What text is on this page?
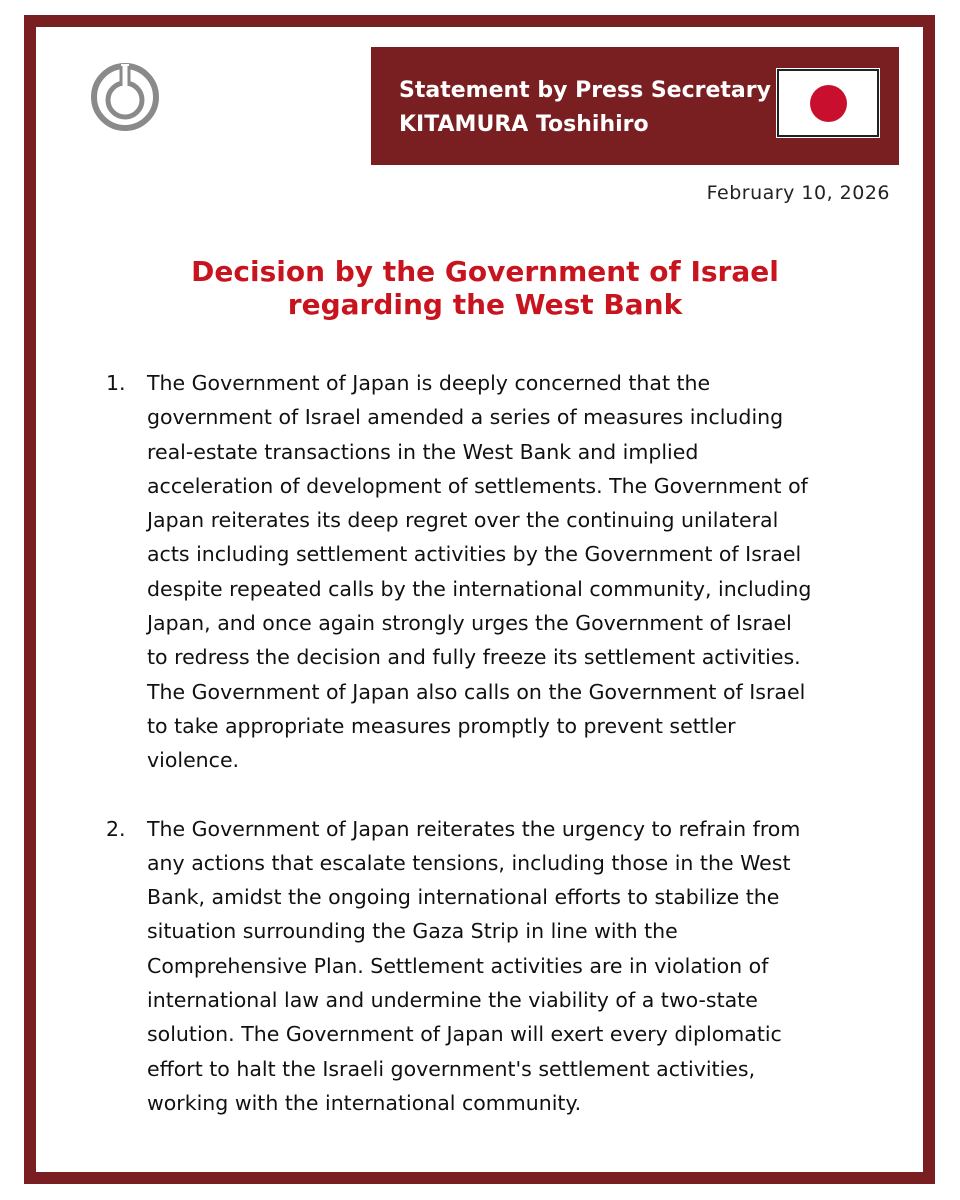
Statement by Press Secretary
KITAMURA Toshihiro
February 10, 2026
Decision by the Government of Israel
regarding the West Bank
1. The Government of Japan is deeply concerned that the
government of Israel amended a series of measures including
real-estate transactions in the West Bank and implied
acceleration of development of settlements. The Government of
Japan reiterates its deep regret over the continuing unilateral
acts including settlement activities by the Government of Israel
despite repeated calls by the international community, including
Japan, and once again strongly urges the Government of Israel
to redress the decision and fully freeze its settlement activities.
The Government of Japan also calls on the Government of Israel
to take appropriate measures promptly to prevent settler
violence.
2. The Government of Japan reiterates the urgency to refrain from
any actions that escalate tensions, including those in the West
Bank, amidst the ongoing international efforts to stabilize the
situation surrounding the Gaza Strip in line with the
Comprehensive Plan. Settlement activities are in violation of
international law and undermine the viability of a two-state
solution. The Government of Japan will exert every diplomatic
effort to halt the Israeli government's settlement activities,
working with the international community.
